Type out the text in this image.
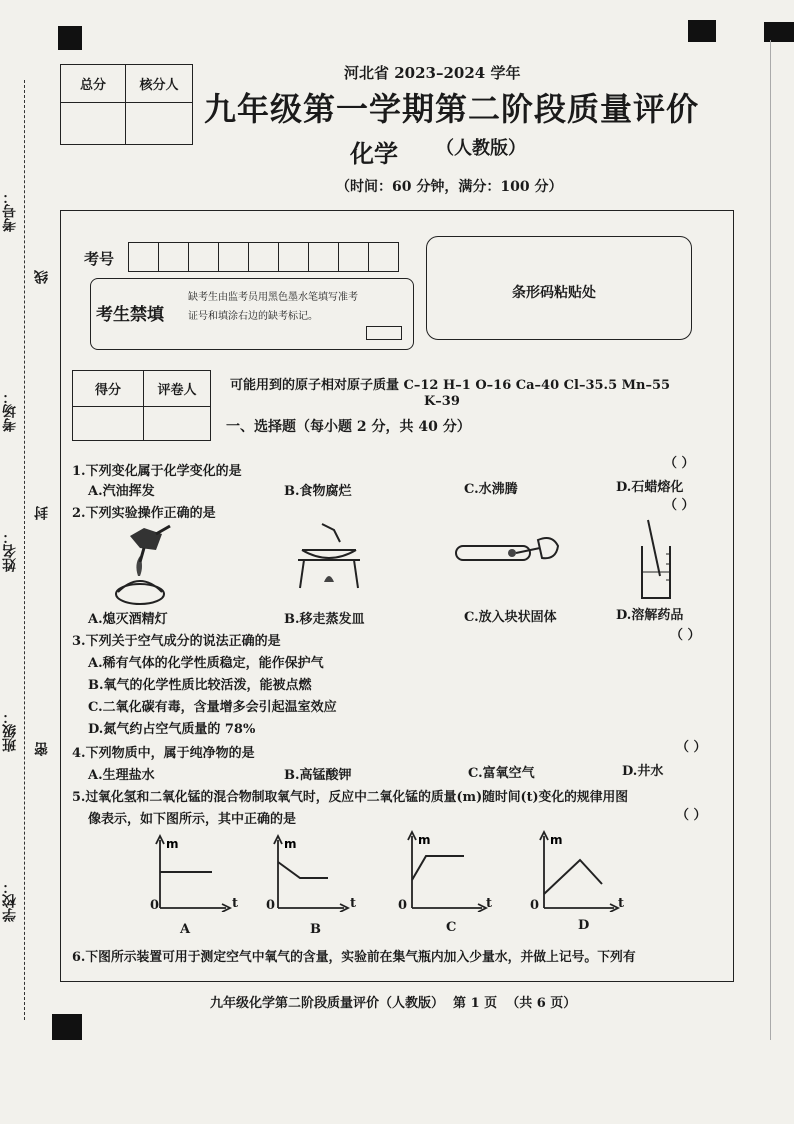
考号：
考场：
姓名：
班级：
学校：
线
封
密
总分	核分人

河北省 2023–2024 学年
九年级第一学期第二阶段质量评价
化学 （人教版）
（时间：60 分钟，满分：100 分）
考号
考生禁填
缺考生由监考员用黑色墨水笔填写准考证号和填涂右边的缺考标记。
条形码粘贴处
得分	评卷人
		可能用到的原子相对原子质量 C–12 H–1 O–16 Ca–40 Cl–35.5 Mn–55
K–39
一、选择题（每小题 2 分，共 40 分）
1.下列变化属于化学变化的是
（ ）
A.汽油挥发	B.食物腐烂	C.水沸腾	D.石蜡熔化
2.下列实验操作正确的是
（ ）
A.熄灭酒精灯	B.移走蒸发皿	C.放入块状固体	D.溶解药品
3.下列关于空气成分的说法正确的是	（ ）
A.稀有气体的化学性质稳定，能作保护气
B.氧气的化学性质比较活泼，能被点燃
C.二氧化碳有毒，含量增多会引起温室效应
D.氮气约占空气质量的 78%
4.下列物质中，属于纯净物的是	（ ）
A.生理盐水	B.高锰酸钾	C.富氧空气	D.井水
5.过氧化氢和二氧化锰的混合物制取氧气时，反应中二氧化锰的质量(m)随时间(t)变化的规律用图
像表示，如下图所示，其中正确的是	（ ）
m	m	m	m
0	t 0	t	0	t	0	t
A	B	C	D
6.下图所示装置可用于测定空气中氧气的含量，实验前在集气瓶内加入少量水，并做上记号。下列有
九年级化学第二阶段质量评价（人教版）  第 1 页  （共 6 页）
